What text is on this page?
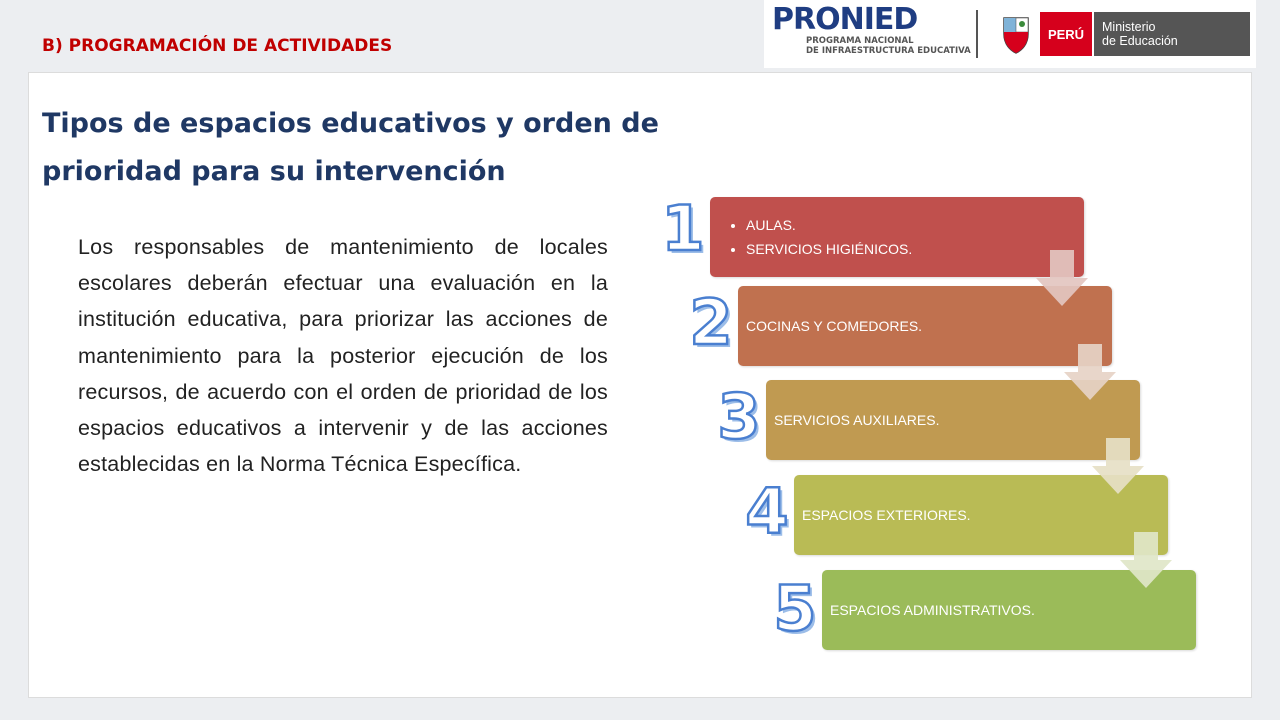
B) PROGRAMACIÓN DE ACTIVIDADES
PRONIED
PROGRAMA NACIONAL
DE INFRAESTRUCTURA EDUCATIVA
PERÚ	Ministerio
de Educación
Tipos de espacios educativos y orden de prioridad para su intervención
Los responsables de mantenimiento de locales escolares deberán efectuar una evaluación en la institución educativa, para priorizar las acciones de mantenimiento para la posterior ejecución de los recursos, de acuerdo con el orden de prioridad de los espacios educativos a intervenir y de las acciones establecidas en la Norma Técnica Específica.
1
•	AULAS.
• SERVICIOS HIGIÉNICOS.
2 COCINAS Y COMEDORES.
3 SERVICIOS AUXILIARES.
4 ESPACIOS EXTERIORES.
5 ESPACIOS ADMINISTRATIVOS.
